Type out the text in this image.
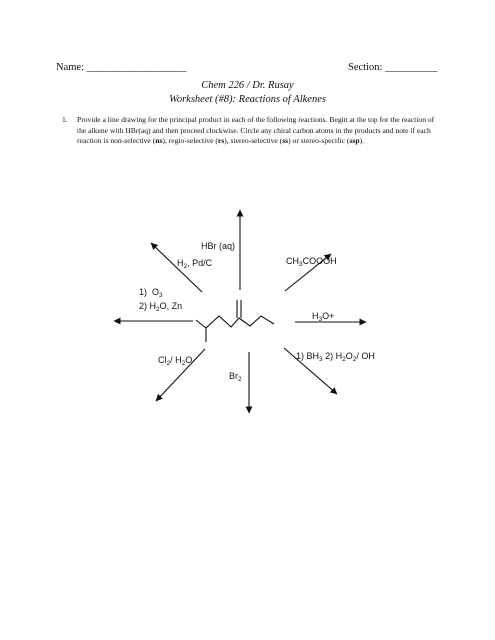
Name: ___________________	Section: __________
Chem 226 / Dr. Rusay
Worksheet (#8): Reactions of Alkenes
1. Provide a line drawing for the principal product in each of the following reactions. Begin at the top for the reaction of the alkene with HBr(aq) and then proceed clockwise. Circle any chiral carbon atoms in the products and note if each reaction is non-selective (ns), regio-selective (rs), stereo-selective (ss) or stereo-specific (ssp).
HBr (aq)
$H_2$, Pd/C	$CH_3COOOH$
1) $O_3$
2) $H_2O$, Zn
$H_3O+$ -
1) $BH_3$ 2) $H_2O_2/$ OH
$Cl_2/$ $H_2O$
$Br_2$
